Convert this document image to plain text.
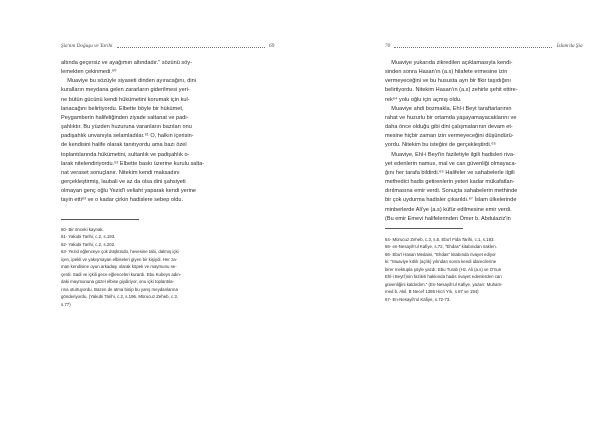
Şia'nın Doğuşu ve Tarihi	69
altında geçersiz ve ayağımın altındadır." sözünü söy-
lemekten çekinmedi.⁶⁰
Muaviye bu sözüyle siyaseti dinden ayıracağını, dini
kuralların meydana gelen zararların giderilmesi yeri-
ne bütün gücünü kendi hükümetini korumak için kul-
lanacağını belirtiyordu. Elbette böyle bir hükümet,
Peygamberin halifeliğinden ziyade saltanat ve padi-
şahlıktır. Bu yüzden huzuruna varanların bazıları onu
padişahlık unvanıyla selamladılar.⁶¹ O, halkın içerisin-
de kendisini halife olarak tanıtıyordu ama bazı özel
toplantılarında hükümetini, sultanlık ve padişahlık o-
larak nitelendiriyordu.⁶² Elbette baskı üzerine kurulu salta-
nat veraset sonuçlanır. Nitekim kendi maksadını
gerçekleştirmiş, laubali ve az da olsa dini şahsiyeti
olmayan genç oğlu Yezid'i veliaht yaparak kendi yerine
tayin etti⁶³ ve o kadar çirkin hadislere sebep oldu.
60- Bir önceki kaynak.
61- Yakubi Tarihi, c.2, s.193.
62- Yakubi Tarihi, c.2, s.202.
63- Yezid eğlenceye çok düşkündü, hevesine tabi, dalmış içki
içen, ipekli ve yakışmayan elbiseleri giyen bir kişiydi. Her za-
man kendisine oyun arkadaşı olarak köpek ve maymunu se-
çerdi. Sadi ve içkili gece eğlenceleri kurardı. Ebu Kubeys adın-
daki maymununa güzel elbise giydiriyor, onu içki toplantıla-
rına oturtuyordu. Bazen de atma binip bu yarış meydanlarına
gönderiyordu. (Yakubi Tarihi, c.2, s.196. Mürucuz Zeheb, c.3,
s.77)
70	İslam'da Şia
Muaviye yukarıda zikredilen açıklamasıyla kendi-
sinden sonra Hasan'ın (a.s) hilafete ermesine izin
vermeyeceğini ve bu hususta ayrı bir fikir taşıdığını
belirtiyordu. Nitekim Hasan'ın (a.s) zehirle şehit ettire-
rek⁶⁴ yolu oğlu için açmış oldu.
Muaviye ahdi bozmakla, Ehl-i Beyt taraftarlarının
rahat ve huzurlu bir ortamda yaşayamayacaklarını ve
daha önce olduğu gibi dini çalışmalarının devam et-
mesine hiçbir zaman izin vermeyeceğini düşündürü-
yordu. Nitekim bu isteğini de gerçekleştirdi.⁶⁵
Muaviye, Ehl-i Beyt'in faziletiyle ilgili hadisleri riva-
yet edenlerin namus, mal ve can güvenliği olmayaca-
ğını her tarafa bildirdi.⁶⁶ Halifeler ve sahabelerle ilgili
methedici hadis getirenlerin yeteri kadar mükafatlan-
dırılmasına emir verdi. Sonuçta sahabelerin methinde
bir çok uydurma hadisler çıkarıldı.⁶⁷ İslam ülkelerinde
minberlerde Ali'ye (a.s) küfür edilmesine emir verdi.
(Bu emir Emevi halifelerinden Ömer b. Abdulaziz'in
64- Mürucuz Zeheb, c.3, s.5. Ebu'l Fida Tarihi, c.1, s.183.
65- en-Nesayih'ul Kafiye, s.72, "Ehdas" kitabından naklen.
66- Ebu'l Hasan Medaini, "Ehdas" kitabında rivayet ediyor
ki: "Muaviye kıtlık (açlık) yılından sonra kendi idarecilerine
birer mektupla şöyle yazdı: Ebu Turab (Hz. Ali (a.s) ve O'nun
Ehl-i Beyt'i)nin fazileti hakkında hadis rivayet edenlerden can
güvenliğini kaldırdım." (En-Nesayih'ul Kafiye, yazarı: Muham-
med b. Akil. B Necef 1386 Hicri Yılı, s.87 ve 194)
67- En-Nesayih'ul Kafiye, s.72-73.
